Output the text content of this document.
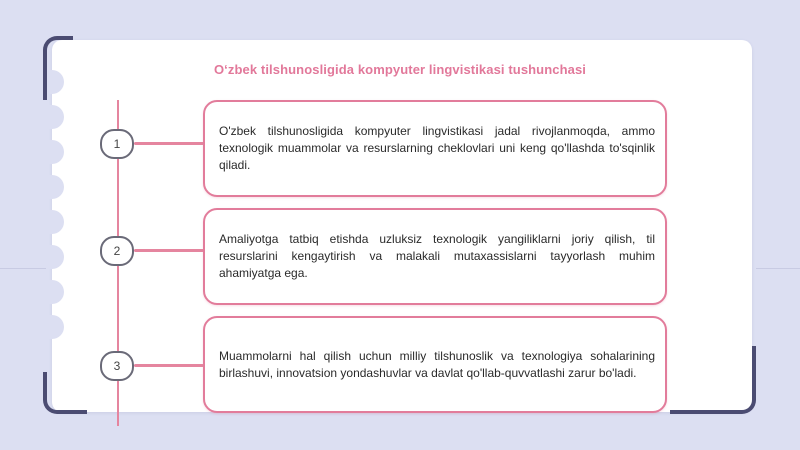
O‘zbek tilshunosligida kompyuter lingvistikasi tushunchasi
1
2
3

O'zbek tilshunosligida kompyuter lingvistikasi jadal rivojlanmoqda, ammo texnologik muammolar va resurslarning cheklovlari uni keng qo'llashda to'sqinlik qiladi.

Amaliyotga tatbiq etishda uzluksiz texnologik yangiliklarni joriy qilish, til resurslarini kengaytirish va malakali mutaxassislarni tayyorlash muhim ahamiyatga ega.

Muammolarni hal qilish uchun milliy tilshunoslik va texnologiya sohalarining birlashuvi, innovatsion yondashuvlar va davlat qo'llab-quvvatlashi zarur bo'ladi.
